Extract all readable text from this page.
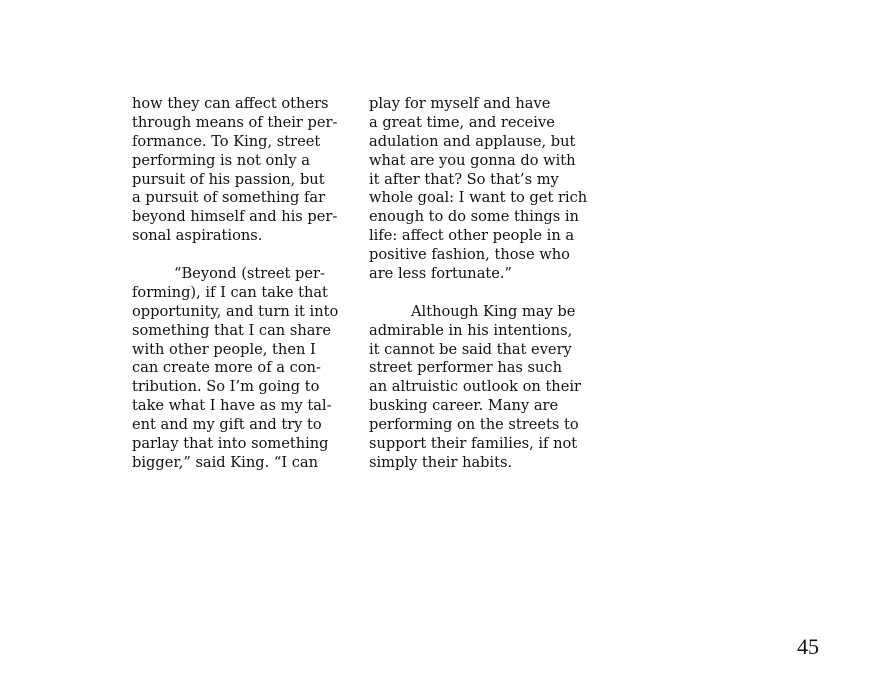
how they can affect others
through means of their per-
formance. To King, street
performing is not only a
pursuit of his passion, but
a pursuit of something far
beyond himself and his per-
sonal aspirations.
“Beyond (street per-
forming), if I can take that
opportunity, and turn it into
something that I can share
with other people, then I
can create more of a con-
tribution. So I’m going to
take what I have as my tal-
ent and my gift and try to
parlay that into something
bigger,” said King. “I can
play for myself and have
a great time, and receive
adulation and applause, but
what are you gonna do with
it after that? So that’s my
whole goal: I want to get rich
enough to do some things in
life: affect other people in a
positive fashion, those who
are less fortunate.”
Although King may be
admirable in his intentions,
it cannot be said that every
street performer has such
an altruistic outlook on their
busking career. Many are
performing on the streets to
support their families, if not
simply their habits.
45
